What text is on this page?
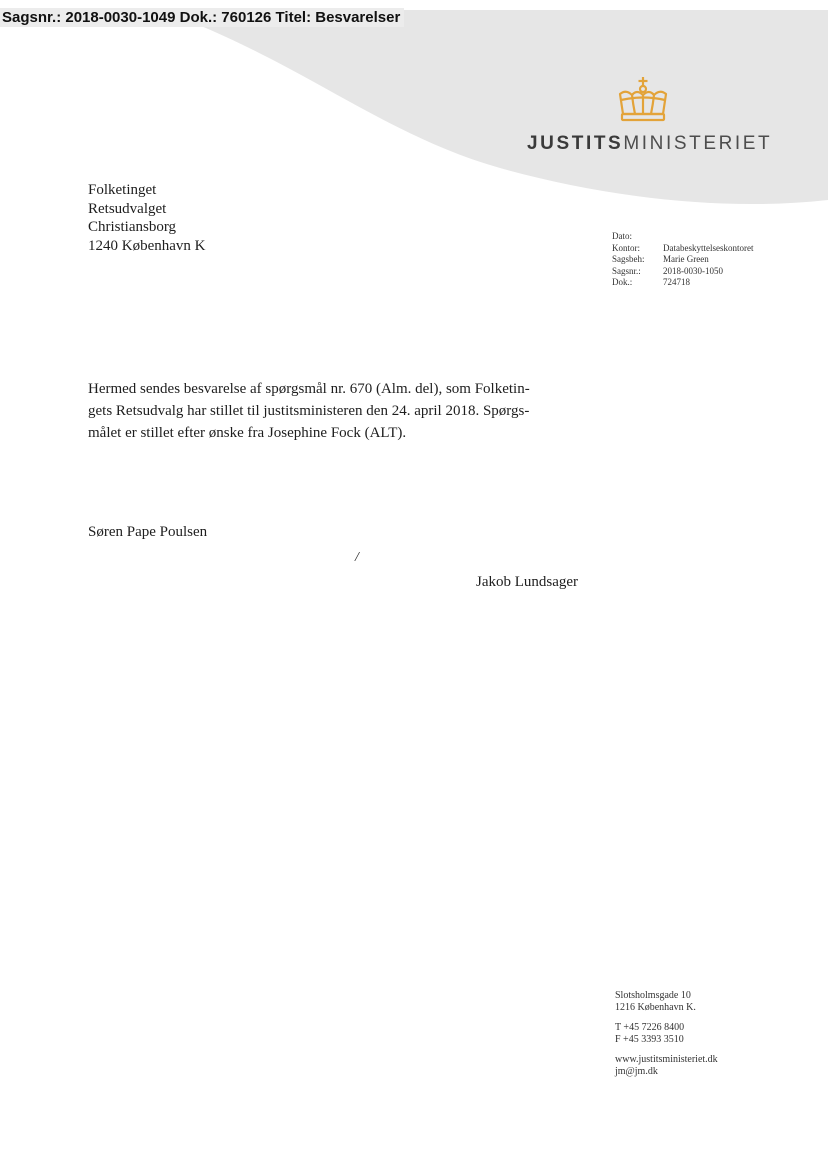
Sagsnr.: 2018-0030-1049 Dok.: 760126 Titel: Besvarelser
JUSTITSMINISTERIET
Folketinget
Retsudvalget
Christiansborg
1240 København K
Dato:
Kontor:	Databeskyttelseskontoret
Sagsbeh:	Marie Green
Sagsnr.:	2018-0030-1050
Dok.:	724718
Hermed sendes besvarelse af spørgsmål nr. 670 (Alm. del), som Folketin-
gets Retsudvalg har stillet til justitsministeren den 24. april 2018. Spørgs-
målet er stillet efter ønske fra Josephine Fock (ALT).
Søren Pape Poulsen
/
Jakob Lundsager
Slotsholmsgade 10
1216 København K.
T +45 7226 8400
F +45 3393 3510
www.justitsministeriet.dk
jm@jm.dk
